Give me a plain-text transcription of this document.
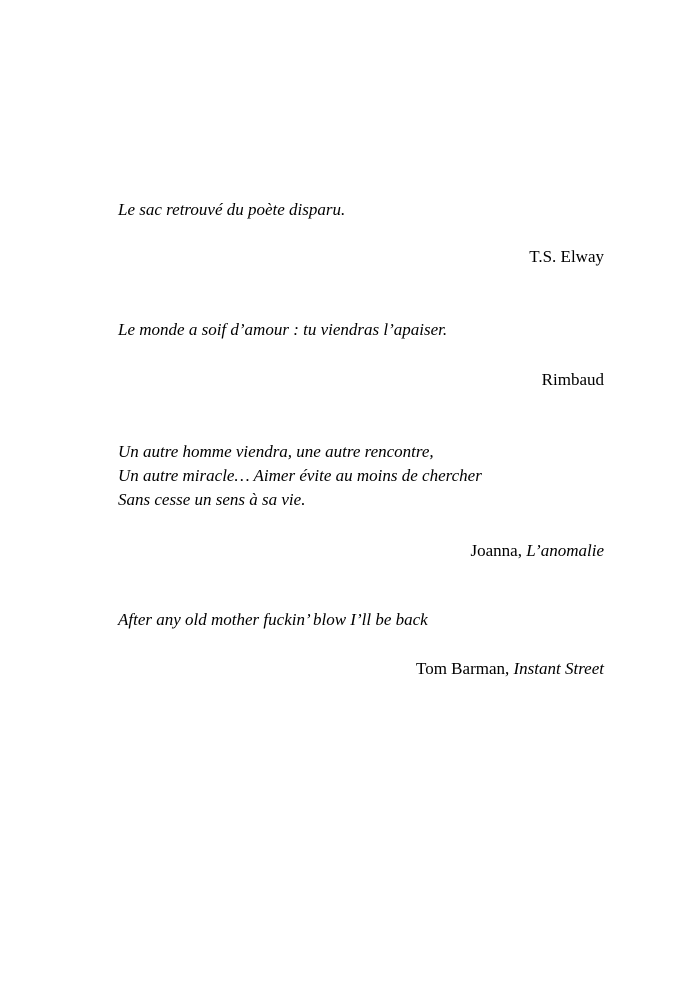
Le sac retrouvé du poète disparu.

T.S. Elway

Le monde a soif d’amour : tu viendras l’apaiser.

Rimbaud

Un autre homme viendra, une autre rencontre,
Un autre miracle… Aimer évite au moins de chercher
Sans cesse un sens à sa vie.

Joanna, L’anomalie

After any old mother fuckin’ blow I’ll be back

Tom Barman, Instant Street
